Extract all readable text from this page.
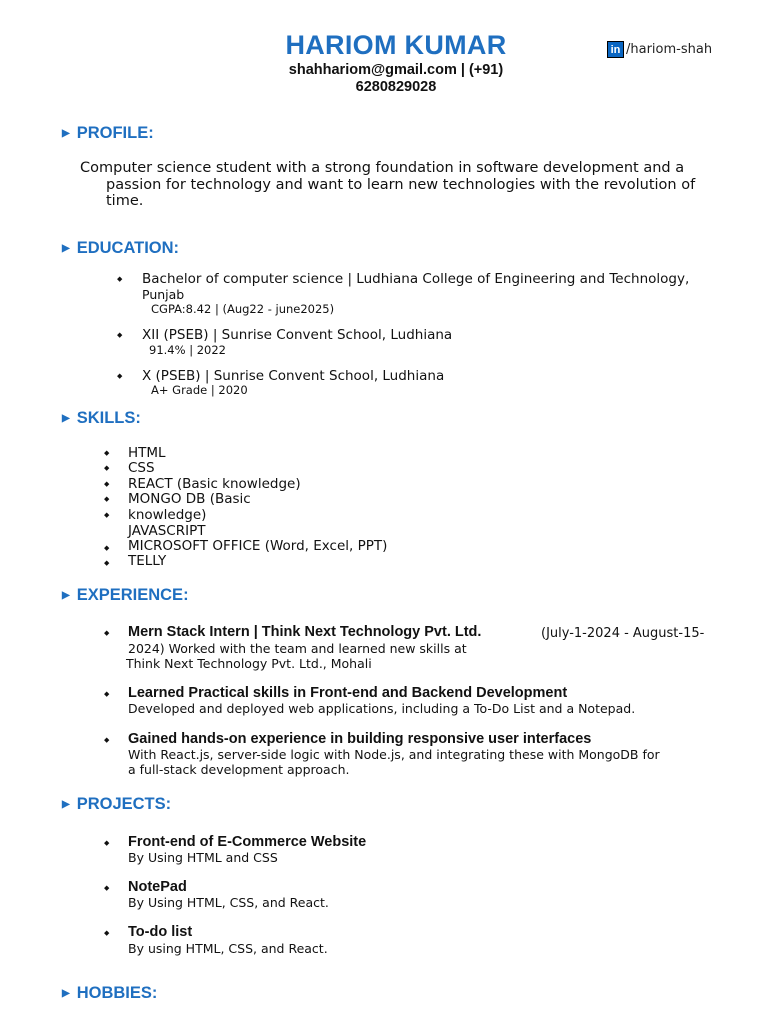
HARIOM KUMAR
shahhariom@gmail.com | (+91)
6280829028
in /hariom-shah
▶ PROFILE:
Computer science student with a strong foundation in software development and a passion for technology and want to learn new technologies with the revolution of time.
▶ EDUCATION:
◆ Bachelor of computer science | Ludhiana College of Engineering and Technology,
Punjab
CGPA:8.42 | (Aug22 - june2025)
◆ XII (PSEB) | Sunrise Convent School, Ludhiana
91.4% | 2022
◆ X (PSEB) | Sunrise Convent School, Ludhiana
A+ Grade | 2020
▶ SKILLS:
◆ HTML
◆ CSS
◆ REACT (Basic knowledge)
◆ MONGO DB (Basic
◆ knowledge)
JAVASCRIPT
◆ MICROSOFT OFFICE (Word, Excel, PPT)
◆ TELLY
▶ EXPERIENCE:
◆ Mern Stack Intern | Think Next Technology Pvt. Ltd.	(July-1-2024 - August-15-
2024) Worked with the team and learned new skills at
Think Next Technology Pvt. Ltd., Mohali
◆ Learned Practical skills in Front-end and Backend Development
Developed and deployed web applications, including a To-Do List and a Notepad.
◆ Gained hands-on experience in building responsive user interfaces
With React.js, server-side logic with Node.js, and integrating these with MongoDB for
a full-stack development approach.
▶ PROJECTS:
◆ Front-end of E-Commerce Website
By Using HTML and CSS
◆ NotePad
By Using HTML, CSS, and React.
◆ To-do list
By using HTML, CSS, and React.
▶ HOBBIES:
